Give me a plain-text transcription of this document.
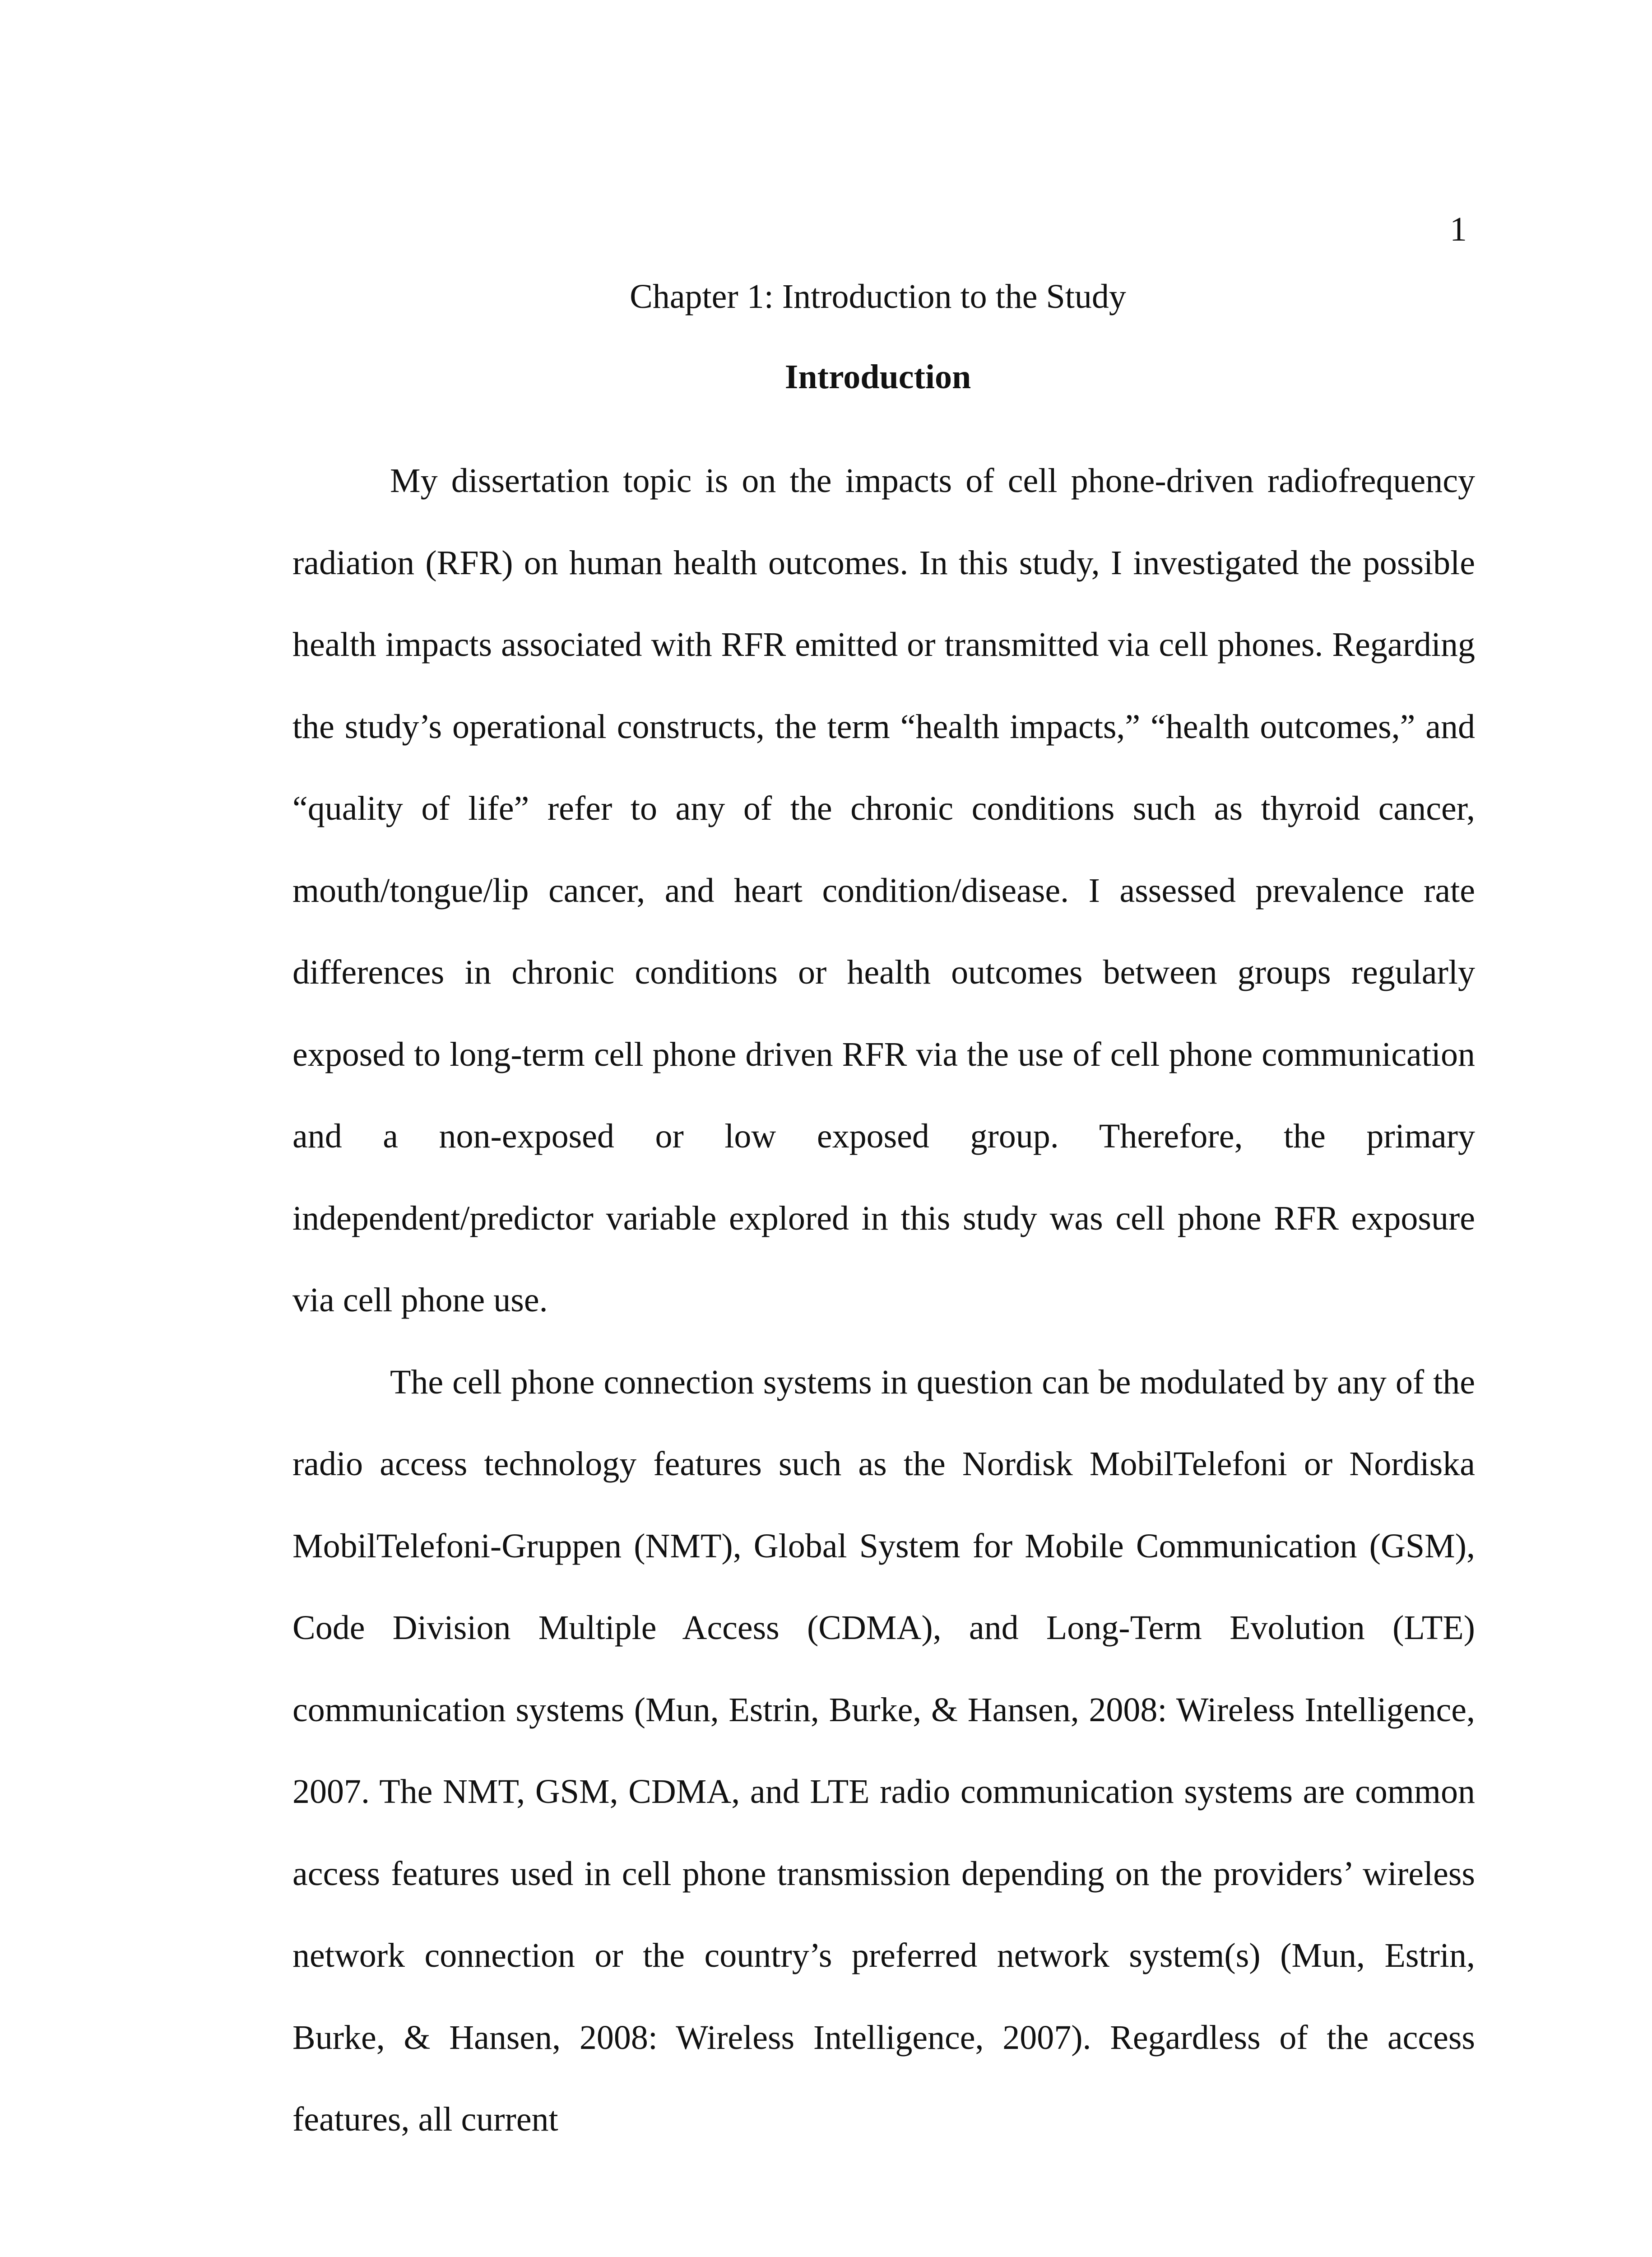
1
Chapter 1: Introduction to the Study
Introduction

My dissertation topic is on the impacts of cell phone-driven radiofrequency radiation (RFR) on human health outcomes. In this study, I investigated the possible health impacts associated with RFR emitted or transmitted via cell phones. Regarding the study’s operational constructs, the term “health impacts,” “health outcomes,” and “quality of life” refer to any of the chronic conditions such as thyroid cancer, mouth/tongue/lip cancer, and heart condition/disease. I assessed prevalence rate differences in chronic conditions or health outcomes between groups regularly exposed to long-term cell phone driven RFR via the use of cell phone communication and a non-exposed or low exposed group. Therefore, the primary independent/predictor variable explored in this study was cell phone RFR exposure via cell phone use.

The cell phone connection systems in question can be modulated by any of the radio access technology features such as the Nordisk MobilTelefoni or Nordiska MobilTelefoni-Gruppen (NMT), Global System for Mobile Communication (GSM), Code Division Multiple Access (CDMA), and Long-Term Evolution (LTE) communication systems (Mun, Estrin, Burke, & Hansen, 2008: Wireless Intelligence, 2007. The NMT, GSM, CDMA, and LTE radio communication systems are common access features used in cell phone transmission depending on the providers’ wireless network connection or the country’s preferred network system(s) (Mun, Estrin, Burke, & Hansen, 2008: Wireless Intelligence, 2007). Regardless of the access features, all current
